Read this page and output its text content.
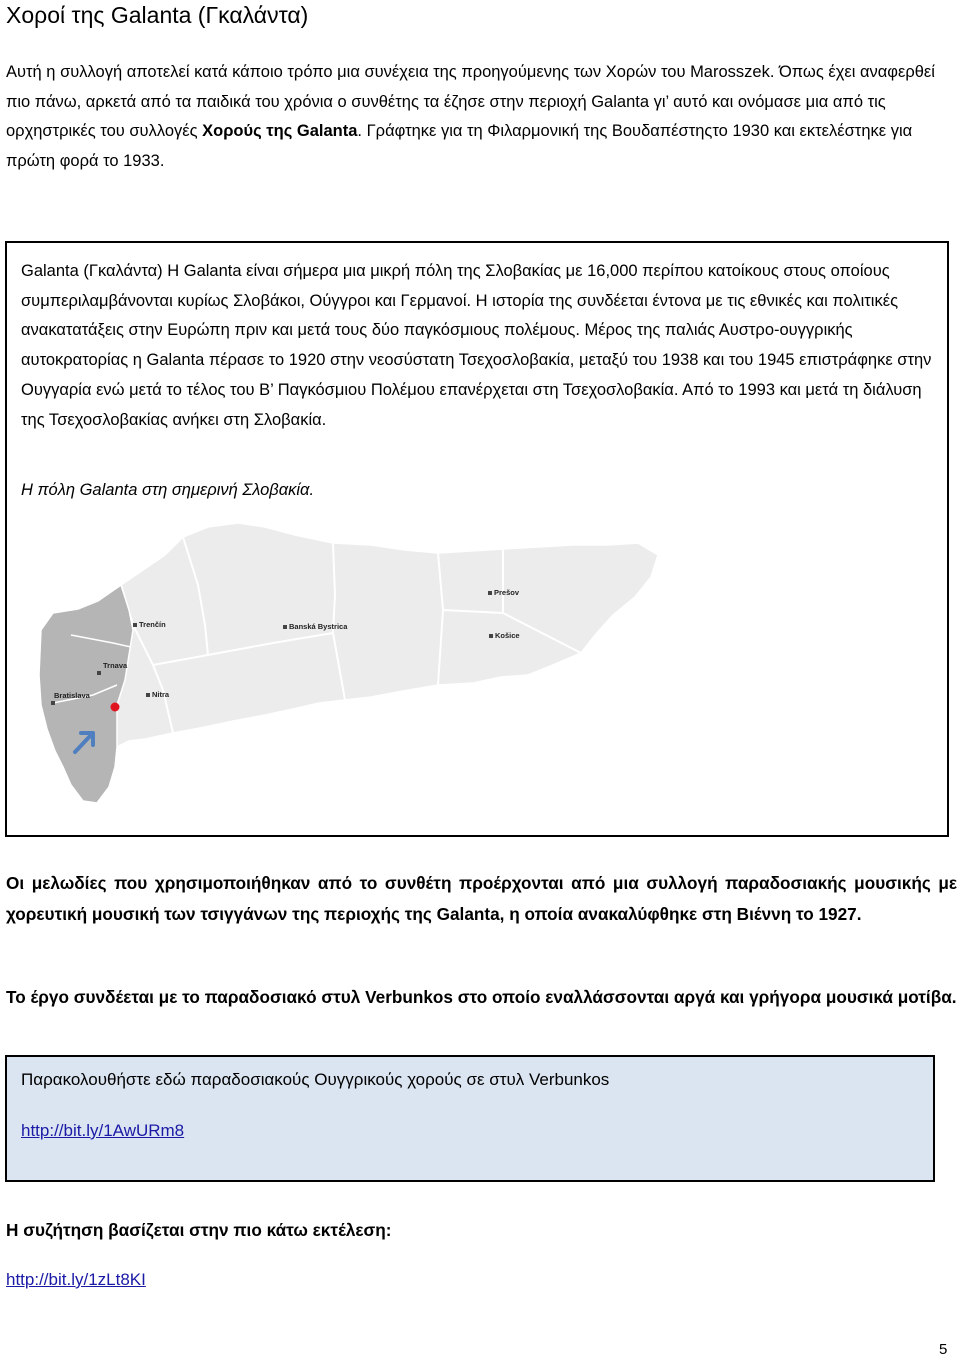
Χοροί της Galanta (Γκαλάντα)
Αυτή η συλλογή αποτελεί κατά κάποιο τρόπο μια συνέχεια της προηγούμενης των Χορών του Marosszek. Όπως έχει αναφερθεί πιο πάνω, αρκετά από τα παιδικά του χρόνια ο συνθέτης τα έζησε στην περιοχή Galanta γι’ αυτό και ονόμασε μια από τις ορχηστρικές του συλλογές Χορούς της Galanta. Γράφτηκε για τη Φιλαρμονική της Βουδαπέστηςτο 1930 και εκτελέστηκε για πρώτη φορά το 1933.
Galanta (Γκαλάντα) Η Galanta είναι σήμερα μια μικρή πόλη της Σλοβακίας με 16,000 περίπου κατοίκους στους οποίους συμπεριλαμβάνονται κυρίως Σλοβάκοι, Ούγγροι και Γερμανοί. Η ιστορία της συνδέεται έντονα με τις εθνικές και πολιτικές ανακατατάξεις στην Ευρώπη πριν και μετά τους δύο παγκόσμιους πολέμους. Μέρος της παλιάς Αυστρο-ουγγρικής αυτοκρατορίας η Galanta πέρασε το 1920 στην νεοσύστατη Τσεχοσλοβακία, μεταξύ του 1938 και του 1945 επιστράφηκε στην Ουγγαρία ενώ μετά το τέλος του Β’ Παγκόσμιου Πολέμου επανέρχεται στη Τσεχοσλοβακία. Από το 1993 και μετά τη διάλυση της Τσεχοσλοβακίας ανήκει στη Σλοβακία.
Η πόλη Galanta στη σημερινή Σλοβακία.
Prešov
Trenčín	Banská Bystrica
Košice
Trnava
Nitra
Bratislava
Οι μελωδίες που χρησιμοποιήθηκαν από το συνθέτη προέρχονται από μια συλλογή παραδοσιακής μουσικής με χορευτική μουσική των τσιγγάνων της περιοχής της Galanta, η οποία ανακαλύφθηκε στη Βιέννη το 1927.
Το έργο συνδέεται με το παραδοσιακό στυλ Verbunkos στο οποίο εναλλάσσονται αργά και γρήγορα μουσικά μοτίβα.
Παρακολουθήστε εδώ παραδοσιακούς Ουγγρικούς χορούς σε στυλ Verbunkos
http://bit.ly/1AwURm8
Η συζήτηση βασίζεται στην πιο κάτω εκτέλεση:
http://bit.ly/1zLt8KI
5
